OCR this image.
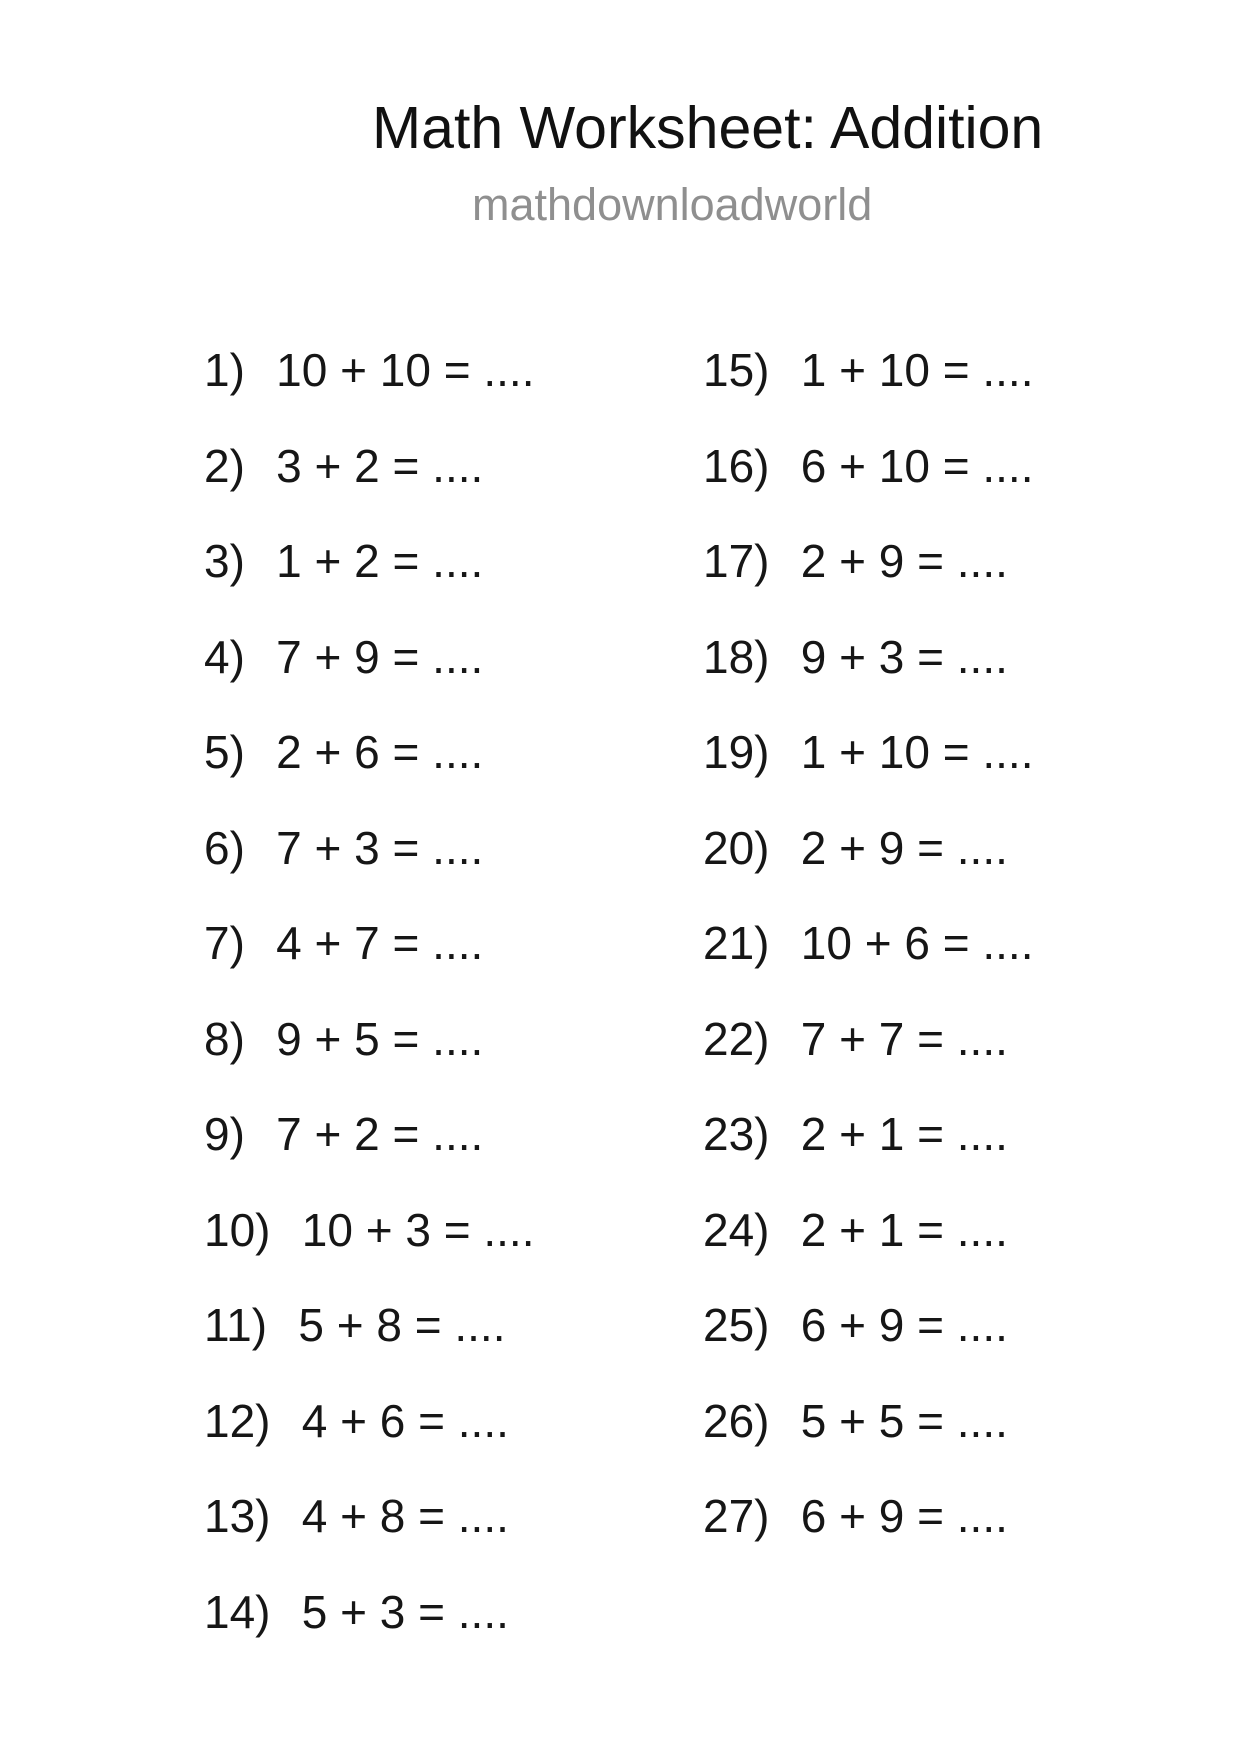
Math Worksheet: Addition
mathdownloadworld
1) 10 + 10 = ....
2) 3 + 2 = ....
3) 1 + 2 = ....
4) 7 + 9 = ....
5) 2 + 6 = ....
6) 7 + 3 = ....
7) 4 + 7 = ....
8) 9 + 5 = ....
9) 7 + 2 = ....
10) 10 + 3 = ....
11) 5 + 8 = ....
12) 4 + 6 = ....
13) 4 + 8 = ....
14) 5 + 3 = ....
15) 1 + 10 = ....
16) 6 + 10 = ....
17) 2 + 9 = ....
18) 9 + 3 = ....
19) 1 + 10 = ....
20) 2 + 9 = ....
21) 10 + 6 = ....
22) 7 + 7 = ....
23) 2 + 1 = ....
24) 2 + 1 = ....
25) 6 + 9 = ....
26) 5 + 5 = ....
27) 6 + 9 = ....
